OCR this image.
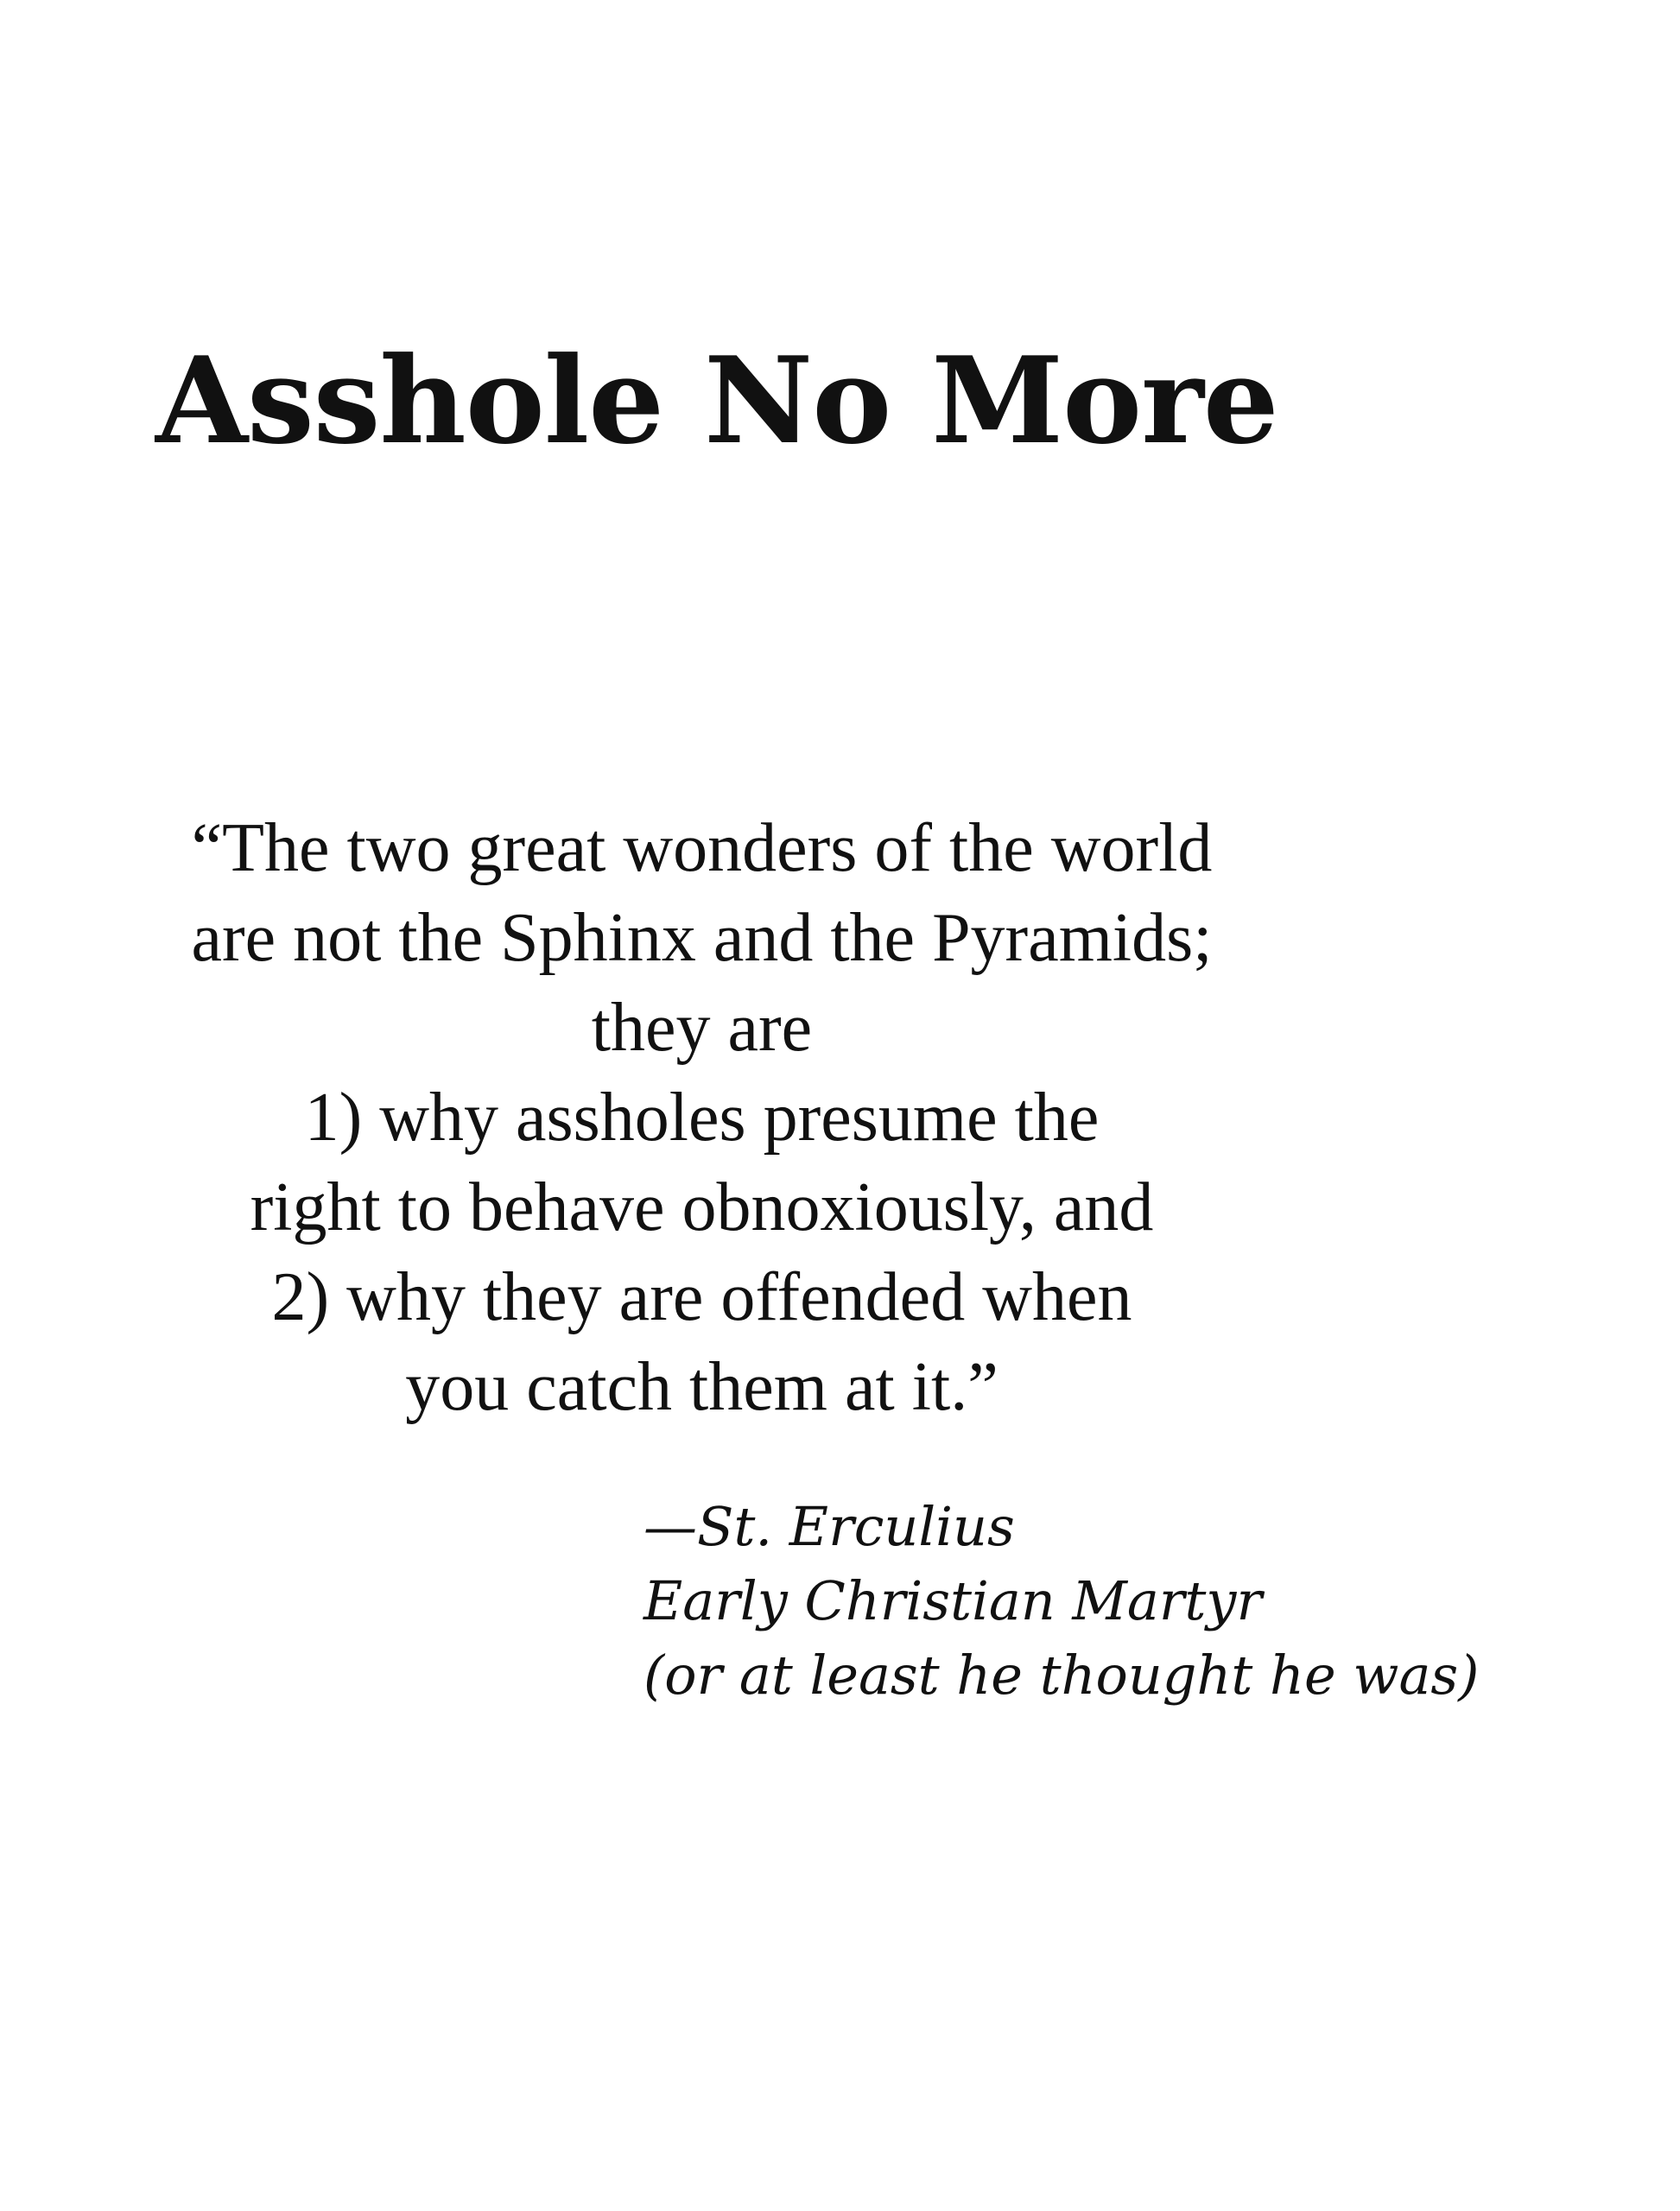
Asshole No More
“The two great wonders of the world
are not the Sphinx and the Pyramids;
they are
1) why assholes presume the
right to behave obnoxiously, and
2) why they are offended when
you catch them at it.”
—St. Erculius
Early Christian Martyr
(or at least he thought he was)
